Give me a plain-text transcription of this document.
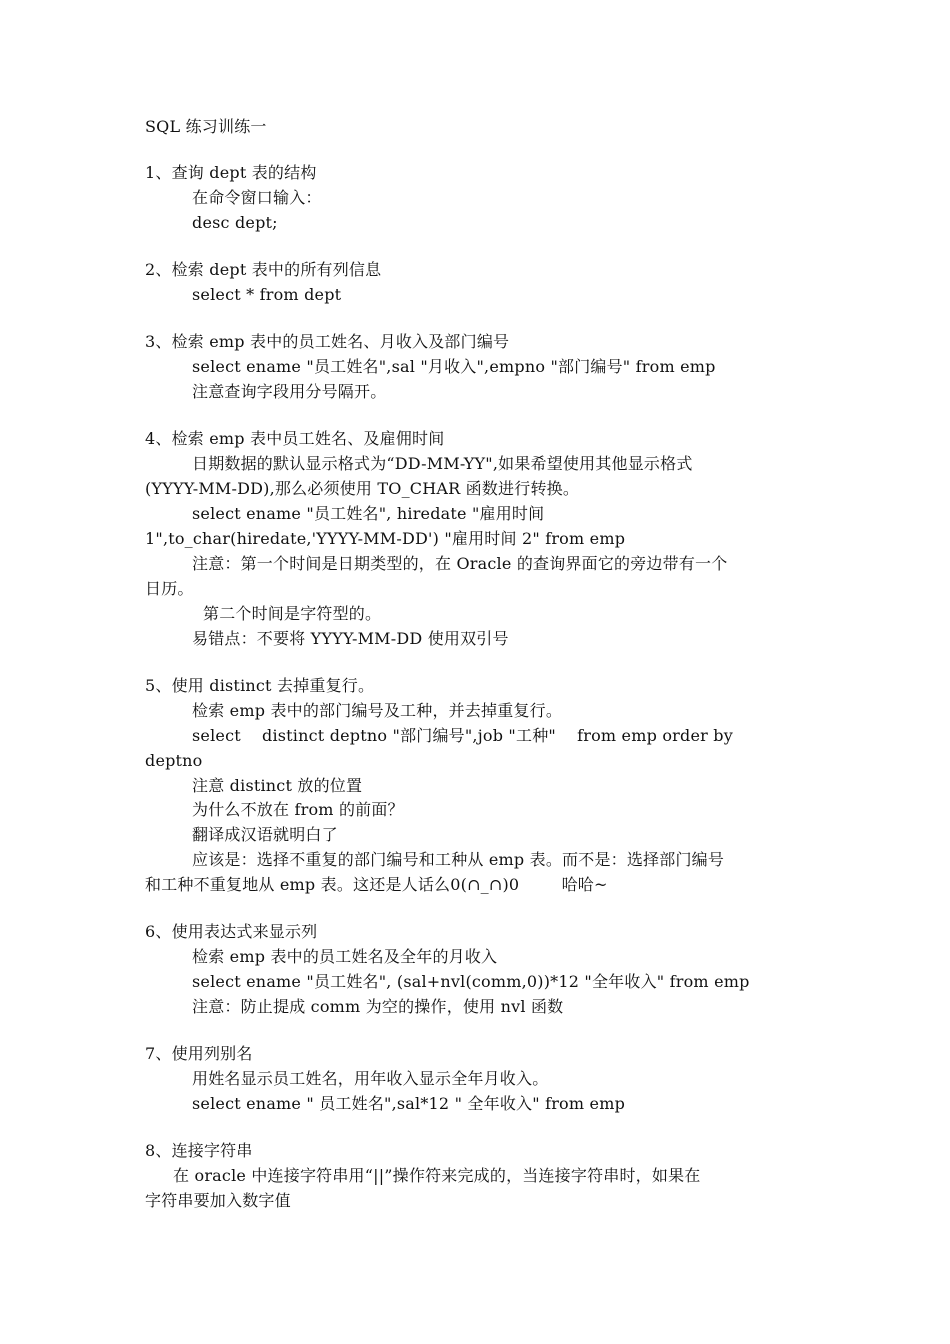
SQL 练习训练一
1、查询 dept 表的结构
在命令窗口输入：
desc dept;
2、检索 dept 表中的所有列信息
select * from dept
3、检索 emp 表中的员工姓名、月收入及部门编号
select ename "员工姓名",sal "月收入",empno "部门编号" from emp
注意查询字段用分号隔开。
4、检索 emp 表中员工姓名、及雇佣时间
日期数据的默认显示格式为“DD-MM-YY",如果希望使用其他显示格式
(YYYY-MM-DD),那么必须使用 TO_CHAR 函数进行转换。
select ename "员工姓名", hiredate "雇用时间
1",to_char(hiredate,'YYYY-MM-DD') "雇用时间 2" from emp
注意：第一个时间是日期类型的，在 Oracle 的查询界面它的旁边带有一个
日历。
第二个时间是字符型的。
易错点：不要将 YYYY-MM-DD 使用双引号
5、使用 distinct 去掉重复行。
检索 emp 表中的部门编号及工种，并去掉重复行。
select    distinct deptno "部门编号",job "工种"    from emp order by
deptno
注意 distinct 放的位置
为什么不放在 from 的前面？
翻译成汉语就明白了
应该是：选择不重复的部门编号和工种从 emp 表。而不是：选择部门编号
和工种不重复地从 emp 表。这还是人话么0(∩_∩)0        哈哈~
6、使用表达式来显示列
检索 emp 表中的员工姓名及全年的月收入
select ename "员工姓名", (sal+nvl(comm,0))*12 "全年收入" from emp
注意：防止提成 comm 为空的操作，使用 nvl 函数
7、使用列别名
用姓名显示员工姓名，用年收入显示全年月收入。
select ename " 员工姓名",sal*12 " 全年收入" from emp
8、连接字符串
在 oracle 中连接字符串用“||”操作符来完成的，当连接字符串时，如果在
字符串要加入数字值
